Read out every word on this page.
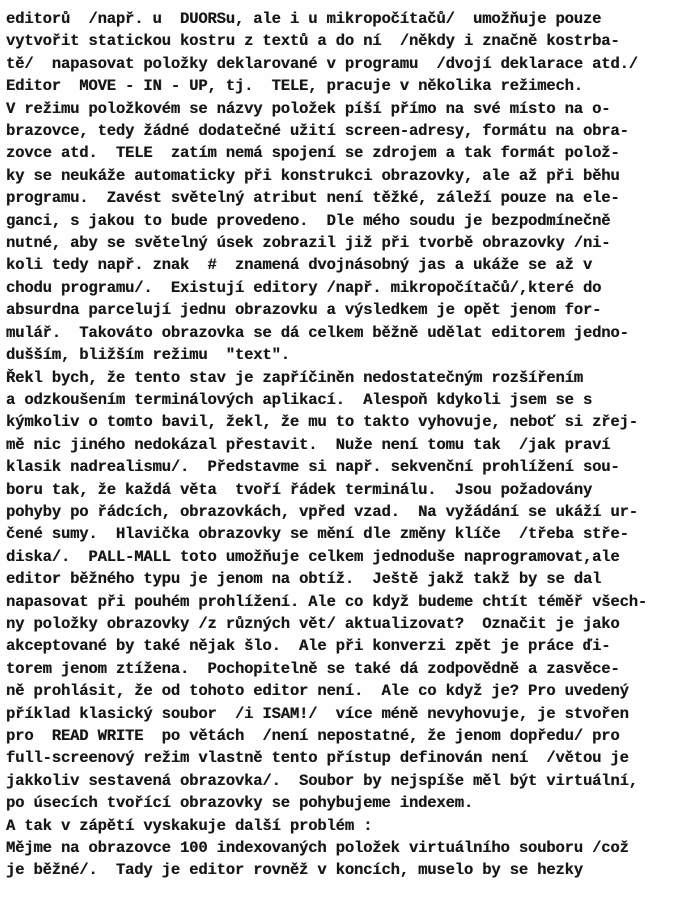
editorů  /např. u  DUORSu, ale i u mikropočítačů/  umožňuje pouze
vytvořit statickou kostru z textů a do ní  /někdy i značně kostrba-
tě/  napasovat položky deklarované v programu  /dvojí deklarace atd./
Editor  MOVE - IN - UP, tj.  TELE, pracuje v několika režimech.
V režimu položkovém se názvy položek píší přímo na své místo na o-
brazovce, tedy žádné dodatečné užití screen-adresy, formátu na obra-
zovce atd.  TELE  zatím nemá spojení se zdrojem a tak formát polož-
ky se neukáže automaticky při konstrukci obrazovky, ale až při běhu
programu.  Zavést světelný atribut není těžké, záleží pouze na ele-
ganci, s jakou to bude provedeno.  Dle mého soudu je bezpodmínečně
nutné, aby se světelný úsek zobrazil již při tvorbě obrazovky /ni-
koli tedy např. znak  #  znamená dvojnásobný jas a ukáže se až v
chodu programu/.  Existují editory /např. mikropočítačů/,které do
absurdna parcelují jednu obrazovku a výsledkem je opět jenom for-
mulář.  Takováto obrazovka se dá celkem běžně udělat editorem jedno-
dušším, bližším režimu  "text".
Řekl bych, že tento stav je zapříčiněn nedostatečným rozšířením
a odzkoušením terminálových aplikací.  Alespoň kdykoli jsem se s
kýmkoliv o tomto bavil, žekl, že mu to takto vyhovuje, neboť si zřej-
mě nic jiného nedokázal přestavit.  Nuže není tomu tak  /jak praví
klasik nadrealismu/.  Představme si např. sekvenční prohlížení sou-
boru tak, že každá věta  tvoří řádek terminálu.  Jsou požadovány
pohyby po řádcích, obrazovkách, vpřed vzad.  Na vyžádání se ukáží ur-
čené sumy.  Hlavička obrazovky se mění dle změny klíče  /třeba stře-
diska/.  PALL-MALL toto umožňuje celkem jednoduše naprogramovat,ale
editor běžného typu je jenom na obtíž.  Ještě jakž takž by se dal
napasovat při pouhém prohlížení. Ale co když budeme chtít téměř všech-
ny položky obrazovky /z různých vět/ aktualizovat?  Označit je jako
akceptované by také nějak šlo.  Ale při konverzi zpět je práce ďi-
torem jenom ztížena.  Pochopitelně se také dá zodpovědně a zasvěce-
ně prohlásit, že od tohoto editor není.  Ale co když je? Pro uvedený
příklad klasický soubor  /i ISAM!/  více méně nevyhovuje, je stvořen
pro  READ WRITE  po větách  /není nepostatné, že jenom dopředu/ pro
full-screenový režim vlastně tento přístup definován není  /větou je
jakkoliv sestavená obrazovka/.  Soubor by nejspíše měl být virtuální,
po úsecích tvořící obrazovky se pohybujeme indexem.
A tak v zápětí vyskakuje další problém :
Mějme na obrazovce 100 indexovaných položek virtuálního souboru /což
je běžné/.  Tady je editor rovněž v koncích, muselo by se hezky
